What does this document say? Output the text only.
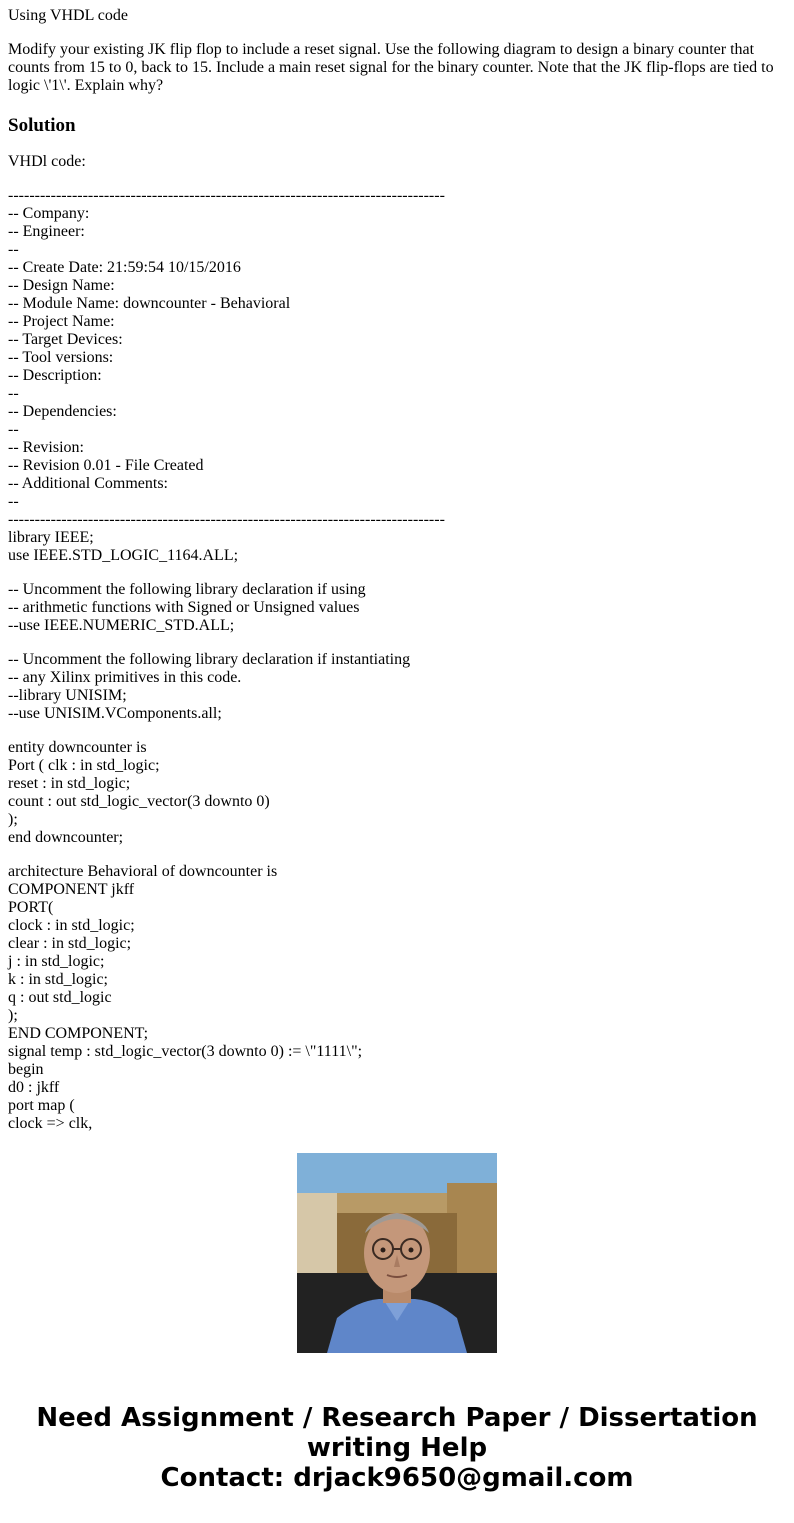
Using VHDL code

Modify your existing JK flip flop to include a reset signal. Use the following diagram to design a binary counter that counts from 15 to 0, back to 15. Include a main reset signal for the binary counter. Note that the JK flip-flops are tied to logic \'1\'. Explain why?

Solution

VHDl code:

----------------------------------------------------------------------------------
-- Company:
-- Engineer:
--
-- Create Date: 21:59:54 10/15/2016
-- Design Name:
-- Module Name: downcounter - Behavioral
-- Project Name:
-- Target Devices:
-- Tool versions:
-- Description:
--
-- Dependencies:
--
-- Revision:
-- Revision 0.01 - File Created
-- Additional Comments:
--
----------------------------------------------------------------------------------
library IEEE;
use IEEE.STD_LOGIC_1164.ALL;
-- Uncomment the following library declaration if using
-- arithmetic functions with Signed or Unsigned values
--use IEEE.NUMERIC_STD.ALL;
-- Uncomment the following library declaration if instantiating
-- any Xilinx primitives in this code.
--library UNISIM;
--use UNISIM.VComponents.all;
entity downcounter is
Port ( clk : in std_logic;
reset : in std_logic;
count : out std_logic_vector(3 downto 0)
);
end downcounter;
architecture Behavioral of downcounter is
COMPONENT jkff
PORT(
clock : in std_logic;
clear : in std_logic;
j : in std_logic;
k : in std_logic;
q : out std_logic
);
END COMPONENT;
signal temp : std_logic_vector(3 downto 0) := \"1111\";
begin
d0 : jkff
port map (
clock => clk,
Need Assignment / Research Paper / Dissertation
writing Help
Contact: drjack9650@gmail.com
